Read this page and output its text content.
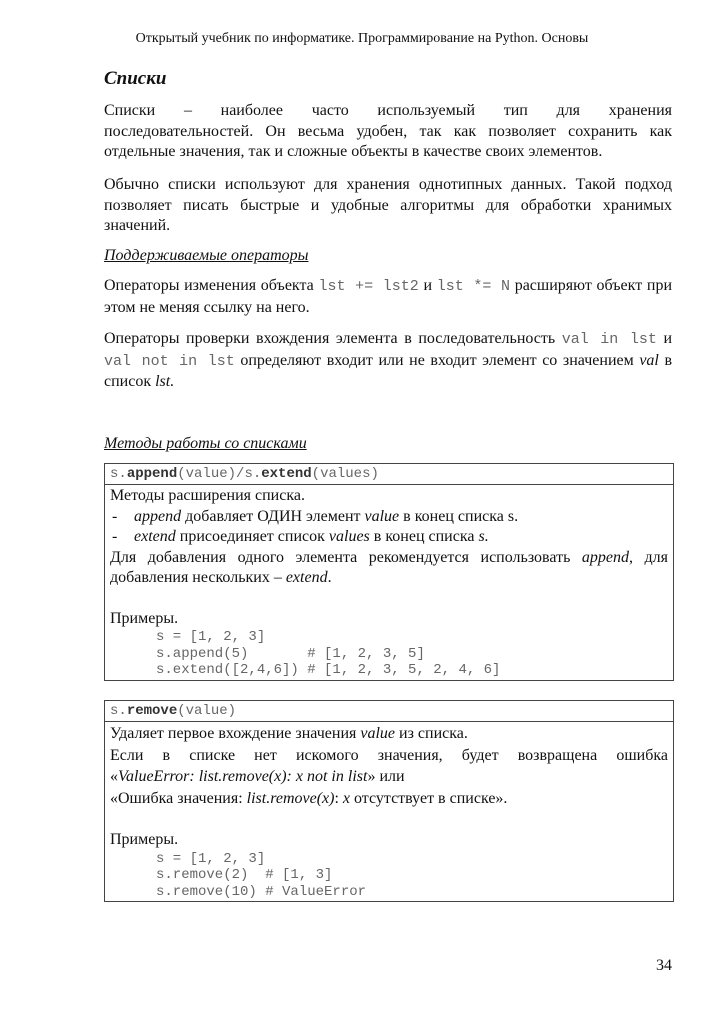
Открытый учебник по информатике. Программирование на Python. Основы
Списки
Списки – наиболее часто используемый тип для хранения
последовательностей. Он весьма удобен, так как позволяет сохранить как отдельные значения, так и сложные объекты в качестве своих элементов.
Обычно списки используют для хранения однотипных данных. Такой подход позволяет писать быстрые и удобные алгоритмы для обработки хранимых значений.
Поддерживаемые операторы
Операторы изменения объекта lst += lst2 и lst *= N расширяют объект при этом не меняя ссылку на него.
Операторы проверки вхождения элемента в последовательность val in lst и val not in lst определяют входит или не входит элемент со значением val в список lst.
Методы работы со списками
s.append(value)/s.extend(values)

Методы расширения списка.
- append добавляет ОДИН элемент value в конец списка s.
- extend присоединяет список values в конец списка s.
Для добавления одного элемента рекомендуется использовать append, для
добавления нескольких – extend.
Примеры.
s = [1, 2, 3]
s.append(5)       # [1, 2, 3, 5]
s.extend([2,4,6]) # [1, 2, 3, 5, 2, 4, 6]
s.remove(value)

Удаляет первое вхождение значения value из списка.
Если в списке нет искомого значения, будет возвращена ошибка
«ValueError: list.remove(x): x not in list» или
«Ошибка значения: list.remove(x): x отсутствует в списке».
Примеры.
s = [1, 2, 3]
s.remove(2)  # [1, 3]
s.remove(10) # ValueError
34
